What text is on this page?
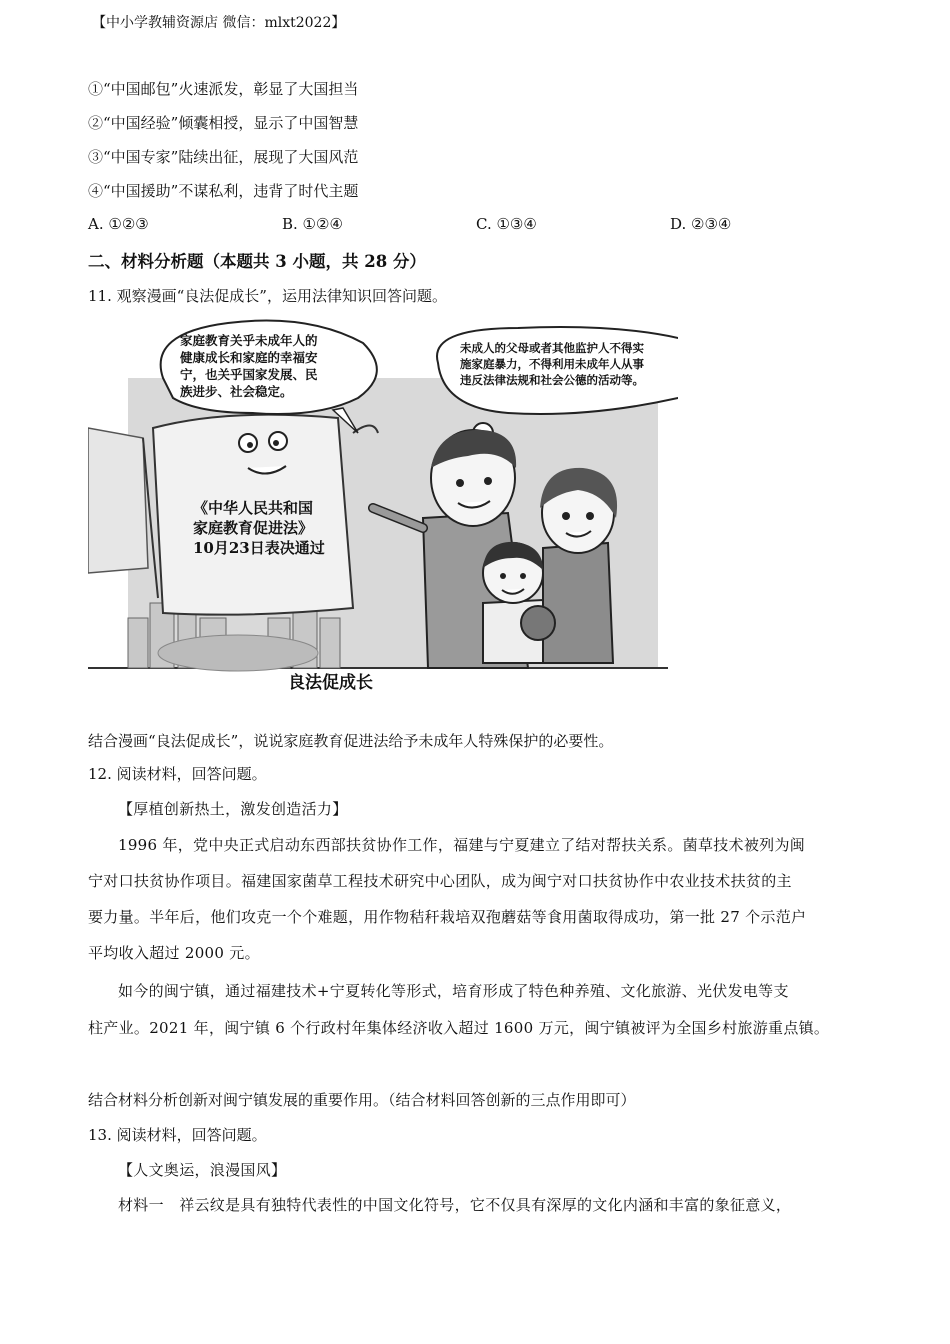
【中小学教辅资源店 微信：mlxt2022】
①“中国邮包”火速派发，彰显了大国担当
②“中国经验”倾囊相授，显示了中国智慧
③“中国专家”陆续出征，展现了大国风范
④“中国援助”不谋私利，违背了时代主题
A. ①②③	B. ①②④	C. ①③④	D. ②③④
二、材料分析题（本题共 3 小题，共 28 分）
11. 观察漫画“良法促成长”，运用法律知识回答问题。
家庭教育关乎未成年人的
健康成长和家庭的幸福安
宁，也关乎国家发展、民
族进步、社会稳定。
未成人的父母或者其他监护人不得实
施家庭暴力，不得利用未成年人从事
违反法律法规和社会公德的活动等。
《中华人民共和国
家庭教育促进法》
10月23日表决通过
良法促成长
结合漫画“良法促成长”，说说家庭教育促进法给予未成年人特殊保护的必要性。
12. 阅读材料，回答问题。
【厚植创新热土，激发创造活力】
1996 年，党中央正式启动东西部扶贫协作工作，福建与宁夏建立了结对帮扶关系。菌草技术被列为闽
宁对口扶贫协作项目。福建国家菌草工程技术研究中心团队，成为闽宁对口扶贫协作中农业技术扶贫的主
要力量。半年后，他们攻克一个个难题，用作物秸秆栽培双孢蘑菇等食用菌取得成功，第一批 27 个示范户
平均收入超过 2000 元。
如今的闽宁镇，通过福建技术+宁夏转化等形式，培育形成了特色种养殖、文化旅游、光伏发电等支
柱产业。2021 年，闽宁镇 6 个行政村年集体经济收入超过 1600 万元，闽宁镇被评为全国乡村旅游重点镇。
结合材料分析创新对闽宁镇发展的重要作用。（结合材料回答创新的三点作用即可）
13. 阅读材料，回答问题。
【人文奥运，浪漫国风】
材料一　祥云纹是具有独特代表性的中国文化符号，它不仅具有深厚的文化内涵和丰富的象征意义，
